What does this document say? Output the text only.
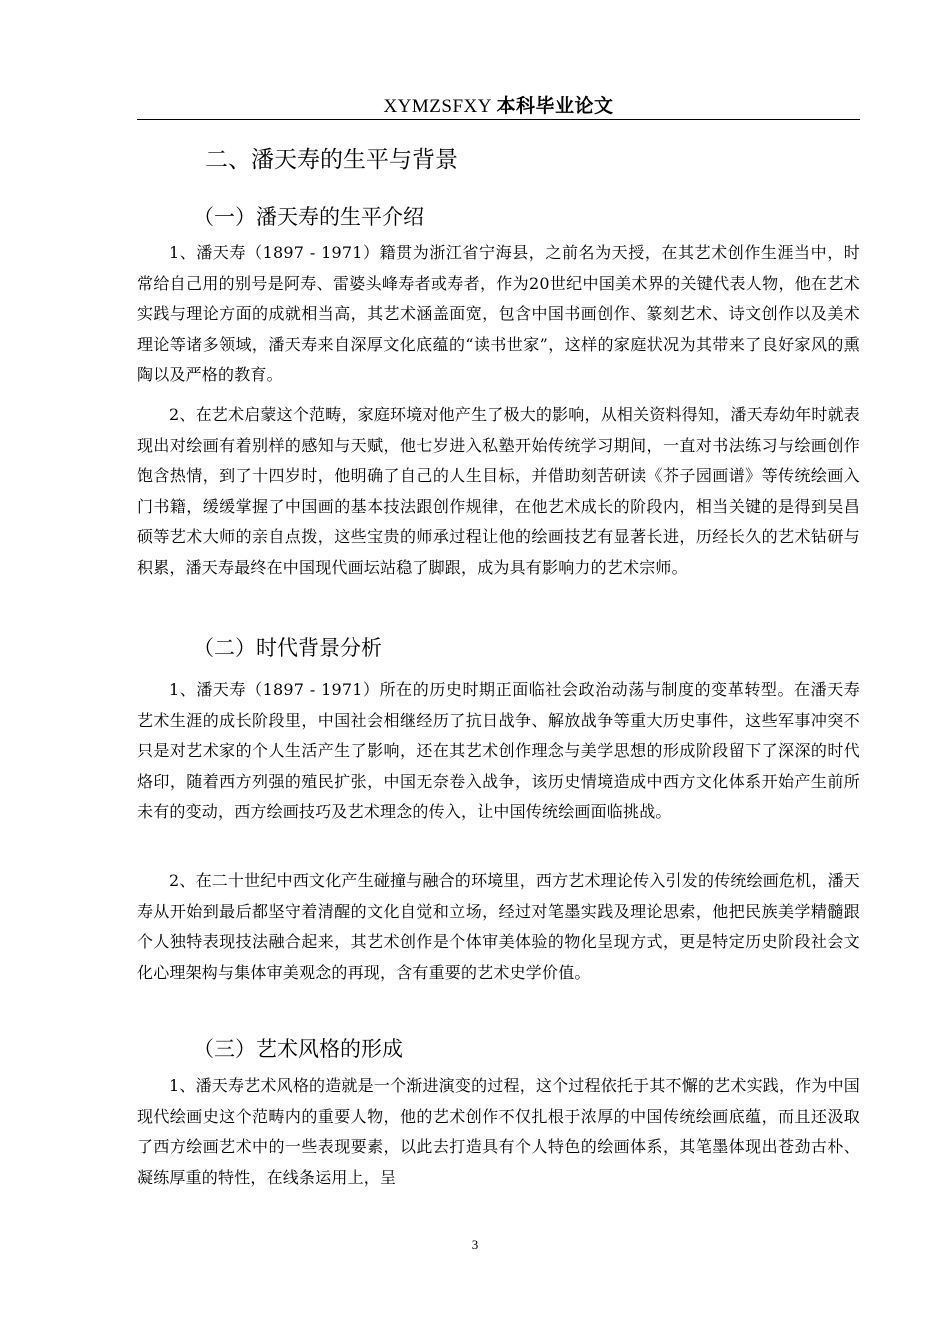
XYMZSFXY 本科毕业论文
二、潘天寿的生平与背景
（一）潘天寿的生平介绍
1、潘天寿（1897 - 1971）籍贯为浙江省宁海县，之前名为天授，在其艺术创作生涯当中，时常给自己用的别号是阿寿、雷婆头峰寿者或寿者，作为20世纪中国美术界的关键代表人物，他在艺术实践与理论方面的成就相当高，其艺术涵盖面宽，包含中国书画创作、篆刻艺术、诗文创作以及美术理论等诸多领域，潘天寿来自深厚文化底蕴的“读书世家”，这样的家庭状况为其带来了良好家风的熏陶以及严格的教育。
2、在艺术启蒙这个范畴，家庭环境对他产生了极大的影响，从相关资料得知，潘天寿幼年时就表现出对绘画有着别样的感知与天赋，他七岁进入私塾开始传统学习期间，一直对书法练习与绘画创作饱含热情，到了十四岁时，他明确了自己的人生目标，并借助刻苦研读《芥子园画谱》等传统绘画入门书籍，缓缓掌握了中国画的基本技法跟创作规律，在他艺术成长的阶段内，相当关键的是得到吴昌硕等艺术大师的亲自点拨，这些宝贵的师承过程让他的绘画技艺有显著长进，历经长久的艺术钻研与积累，潘天寿最终在中国现代画坛站稳了脚跟，成为具有影响力的艺术宗师。
（二）时代背景分析
1、潘天寿（1897 - 1971）所在的历史时期正面临社会政治动荡与制度的变革转型。在潘天寿艺术生涯的成长阶段里，中国社会相继经历了抗日战争、解放战争等重大历史事件，这些军事冲突不只是对艺术家的个人生活产生了影响，还在其艺术创作理念与美学思想的形成阶段留下了深深的时代烙印，随着西方列强的殖民扩张，中国无奈卷入战争，该历史情境造成中西方文化体系开始产生前所未有的变动，西方绘画技巧及艺术理念的传入，让中国传统绘画面临挑战。
2、在二十世纪中西文化产生碰撞与融合的环境里，西方艺术理论传入引发的传统绘画危机，潘天寿从开始到最后都坚守着清醒的文化自觉和立场，经过对笔墨实践及理论思索，他把民族美学精髓跟个人独特表现技法融合起来，其艺术创作是个体审美体验的物化呈现方式，更是特定历史阶段社会文化心理架构与集体审美观念的再现，含有重要的艺术史学价值。
（三）艺术风格的形成
1、潘天寿艺术风格的造就是一个渐进演变的过程，这个过程依托于其不懈的艺术实践，作为中国现代绘画史这个范畴内的重要人物，他的艺术创作不仅扎根于浓厚的中国传统绘画底蕴，而且还汲取了西方绘画艺术中的一些表现要素，以此去打造具有个人特色的绘画体系，其笔墨体现出苍劲古朴、凝练厚重的特性，在线条运用上，呈
3
